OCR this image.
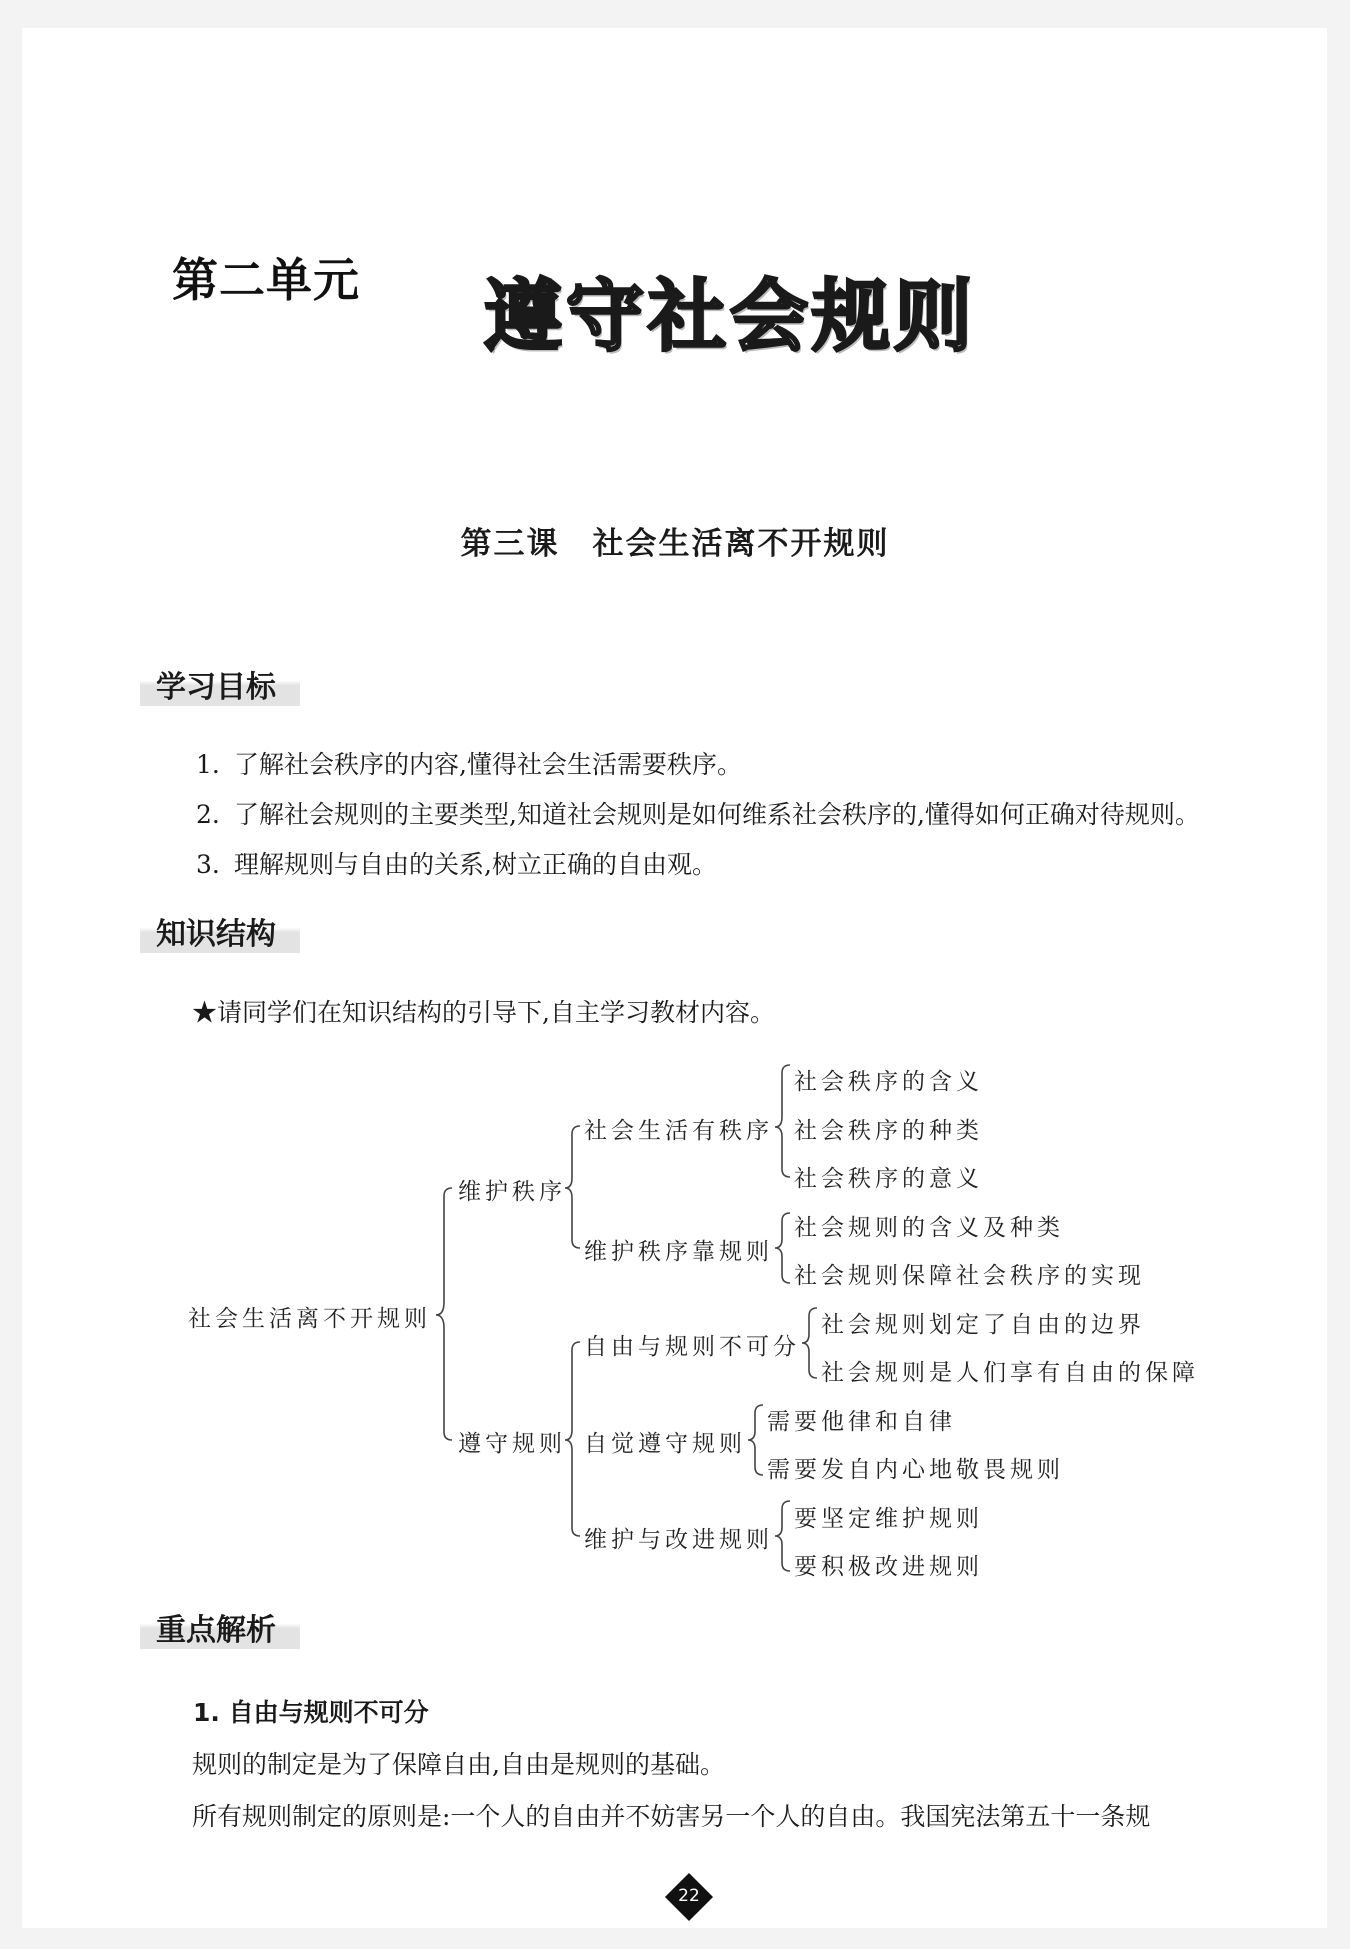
第二单元 遵守社会规则
第三课　社会生活离不开规则
学习目标
1. 了解社会秩序的内容,懂得社会生活需要秩序。
2. 了解社会规则的主要类型,知道社会规则是如何维系社会秩序的,懂得如何正确对待规则。
3. 理解规则与自由的关系,树立正确的自由观。
知识结构
★请同学们在知识结构的引导下,自主学习教材内容。
社会生活离不开规则
维护秩序
遵守规则
社会生活有秩序
维护秩序靠规则
自由与规则不可分
自觉遵守规则
维护与改进规则
社会秩序的含义
社会秩序的种类
社会秩序的意义
社会规则的含义及种类
社会规则保障社会秩序的实现
社会规则划定了自由的边界
社会规则是人们享有自由的保障
需要他律和自律
需要发自内心地敬畏规则
要坚定维护规则
要积极改进规则
重点解析
1. 自由与规则不可分
规则的制定是为了保障自由,自由是规则的基础。
所有规则制定的原则是:一个人的自由并不妨害另一个人的自由。我国宪法第五十一条规
22
